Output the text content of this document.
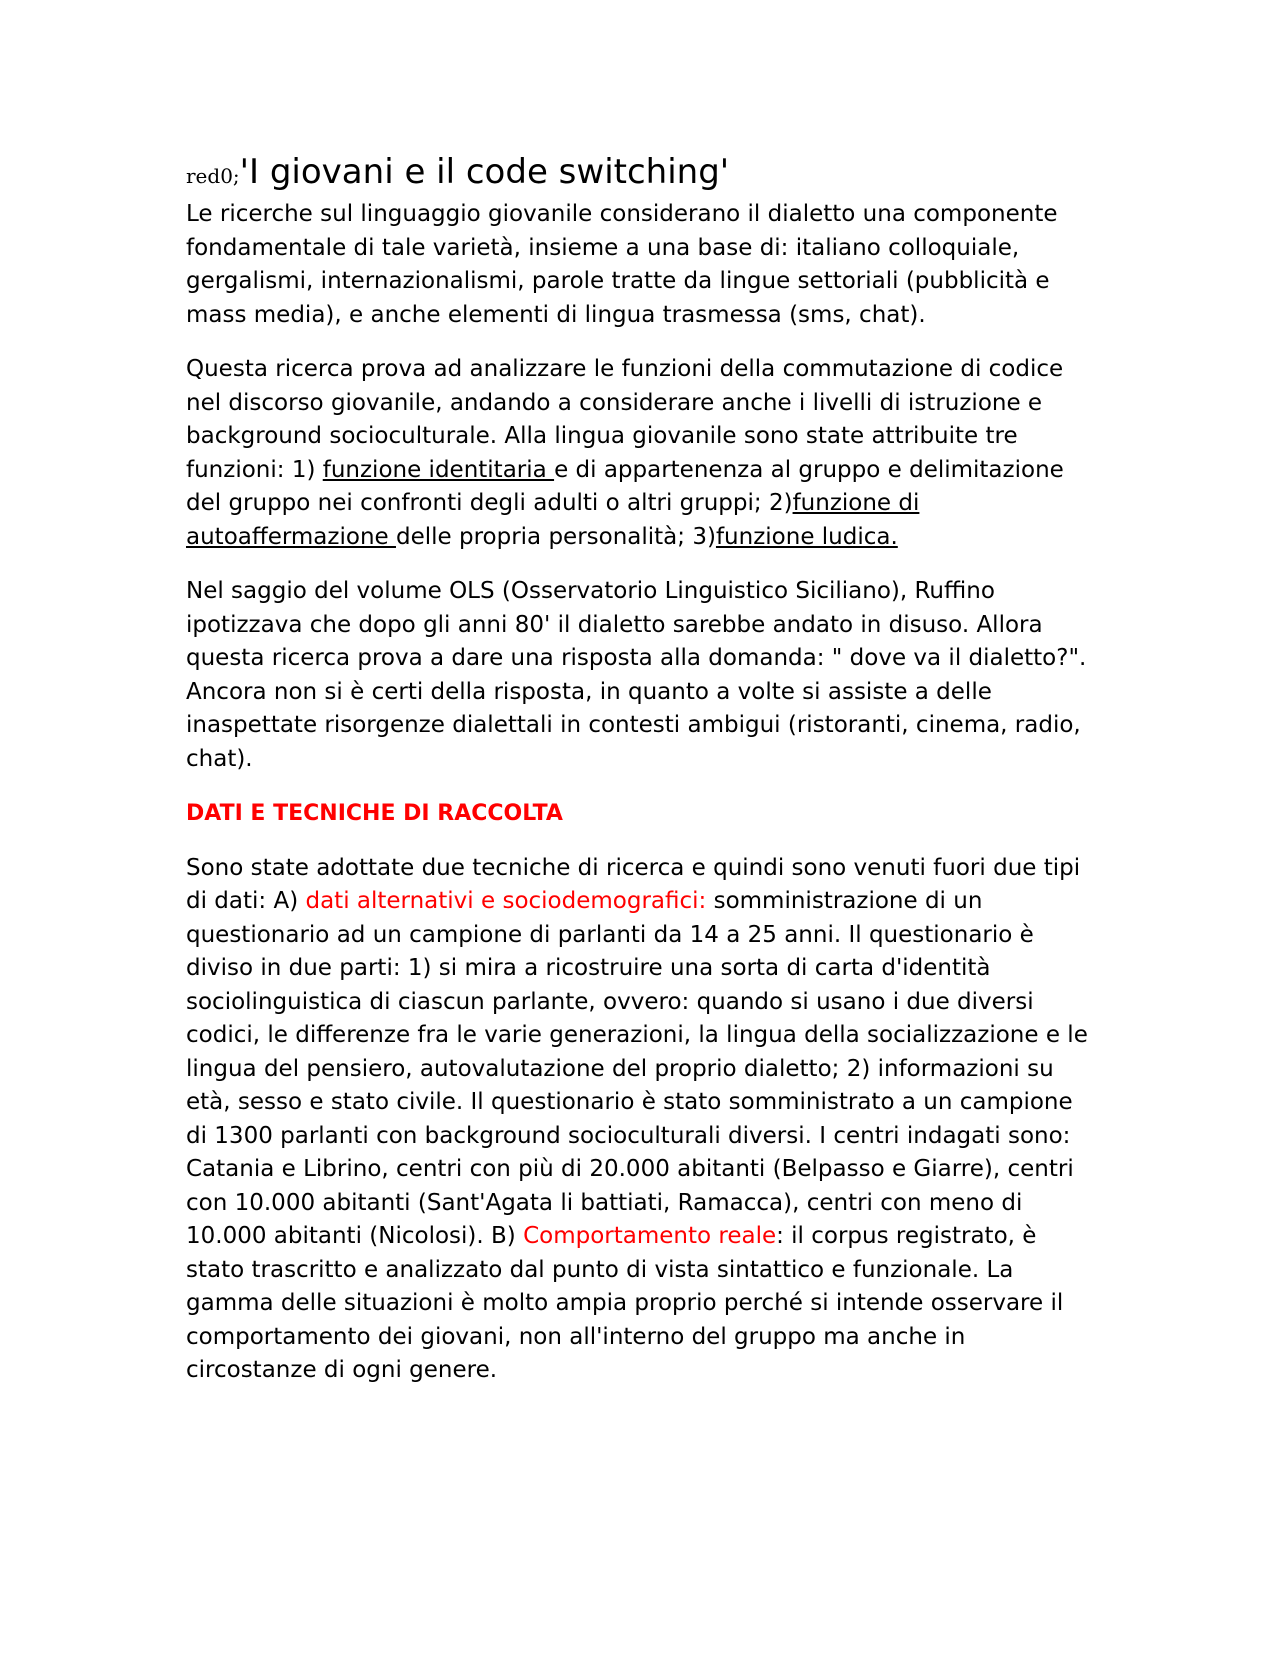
red0;'I giovani e il code switching'

Le ricerche sul linguaggio giovanile considerano il dialetto una componente fondamentale di tale varietà, insieme a una base di: italiano colloquiale, gergalismi, internazionalismi, parole tratte da lingue settoriali (pubblicità e mass media), e anche elementi di lingua trasmessa (sms, chat).

Questa ricerca prova ad analizzare le funzioni della commutazione di codice nel discorso giovanile, andando a considerare anche i livelli di istruzione e background socioculturale. Alla lingua giovanile sono state attribuite tre funzioni: 1) funzione identitaria e di appartenenza al gruppo e delimitazione del gruppo nei confronti degli adulti o altri gruppi; 2)funzione di autoaffermazione delle propria personalità; 3)funzione ludica.

Nel saggio del volume OLS (Osservatorio Linguistico Siciliano), Ruffino ipotizzava che dopo gli anni 80' il dialetto sarebbe andato in disuso. Allora questa ricerca prova a dare una risposta alla domanda: " dove va il dialetto?". Ancora non si è certi della risposta, in quanto a volte si assiste a delle inaspettate risorgenze dialettali in contesti ambigui (ristoranti, cinema, radio, chat).

DATI E TECNICHE DI RACCOLTA

Sono state adottate due tecniche di ricerca e quindi sono venuti fuori due tipi di dati: A) dati alternativi e sociodemografici: somministrazione di un questionario ad un campione di parlanti da 14 a 25 anni. Il questionario è diviso in due parti: 1) si mira a ricostruire una sorta di carta d'identità sociolinguistica di ciascun parlante, ovvero: quando si usano i due diversi codici, le differenze fra le varie generazioni, la lingua della socializzazione e le lingua del pensiero, autovalutazione del proprio dialetto; 2) informazioni su età, sesso e stato civile. Il questionario è stato somministrato a un campione di 1300 parlanti con background socioculturali diversi. I centri indagati sono: Catania e Librino, centri con più di 20.000 abitanti (Belpasso e Giarre), centri con 10.000 abitanti (Sant'Agata li battiati, Ramacca), centri con meno di 10.000 abitanti (Nicolosi). B) Comportamento reale: il corpus registrato, è stato trascritto e analizzato dal punto di vista sintattico e funzionale. La gamma delle situazioni è molto ampia proprio perché si intende osservare il comportamento dei giovani, non all'interno del gruppo ma anche in circostanze di ogni genere.
